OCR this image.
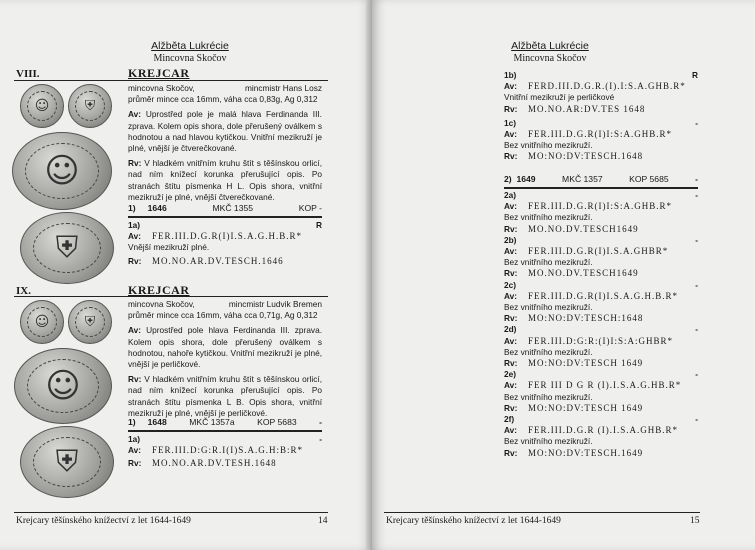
Alžběta Lukrécie
Mincovna Skočov
VIII.	KREJCAR
☺	⛨
☺
⛨
mincovna Skočov,	mincmistr Hans Losz
průměr mince cca 16mm, váha cca 0,83g, Ag 0,312
Av: Uprostřed pole je malá hlava Ferdinanda III. zprava. Kolem opis shora, dole přerušený oválkem s hodnotou a nad hlavou kytičkou. Vnitřní mezikruží je plné, vnější je čtverečkované.
Rv: V hladkém vnitřním kruhu štít s těšínskou orlicí, nad ním knížecí korunka přerušující opis. Po stranách štítu písmenka H L. Opis shora, vnitřní mezikruží je plné, vnější čtverečkované.
1) 1646	MKČ 1355	KOP -
1a)	R
Av:	FER.III.D.G.R(I)I.S.A.G.H.B.R*
Vnější mezikruží plné.
Rv:	MO.NO.AR.DV.TESCH.1646
IX.	KREJCAR
☺	⛨
☺
⛨
mincovna Skočov,	mincmistr Ludvik Bremen
průměr mince cca 16mm, váha cca 0,71g, Ag 0,312
Av: Uprostřed pole hlava Ferdinanda III. zprava. Kolem opis shora, dole přerušený oválkem s hodnotou, nahoře kytičkou. Vnitřní mezikruží je plné, vnější je perličkové.
Rv: V hladkém vnitřním kruhu štít s těšínskou orlicí, nad ním knížecí korunka přerušující opis. Po stranách štítu písmenka L B. Opis shora, vnitřní mezikruží je plné, vnější je perličkové.
1) 1648	MKČ 1357a	KOP 5683	-
1a)	-
Av:	FER.III.D:G:R.I(I)S.A.G.H:B:R*
Rv:	MO.NO.AR.DV.TESH.1648
Krejcary těšínského knížectví z let 1644-1649	14
Alžběta Lukrécie
Mincovna Skočov
1b)	R
Av:	FERD.III.D.G.R.(I).I:S.A.GHB.R*
Vnitřní mezikruží je perličkové
Rv:	MO.NO.AR:DV.TES 1648
1c)	-
Av:	FER.III.D.G.R(I)I:S:A.GHB.R*
Bez vnitřního mezikruží.
Rv:	MO:NO:DV:TESCH.1648
2) 1649	MKČ 1357	KOP 5685	-
2a)	-
Av:	FER.III.D.G.R(I)I:S:A.GHB.R*
Bez vnitřního mezikruží.
Rv:	MO.NO.DV.TESCH1649
2b)	-
Av:	FER.III.D.G.R(I)I.S.A.GHBR*
Bez vnitřního mezikruží.
Rv:	MO.NO.DV.TESCH1649
2c)	-
Av:	FER.III.D.G.R(I)I.S.A.G.H.B.R*
Bez vnitřního mezikruží.
Rv:	MO:NO:DV:TESCH:1648
2d)	-
Av:	FER.III.D:G:R:(I)I:S:A:GHBR*
Bez vnitřního mezikruží.
Rv:	MO:NO:DV:TESCH 1649
2e)	-
Av:	FER III D G R (I).I.S.A.G.HB.R*
Bez vnitřního mezikruží.
Rv:	MO:NO:DV:TESCH 1649
2f)	-
Av:	FER.III.D.G.R (I).I.S.A.GHB.R*
Bez vnitřního mezikruží.
Rv:	MO:NO:DV:TESCH.1649
Krejcary těšínského knížectví z let 1644-1649	15
